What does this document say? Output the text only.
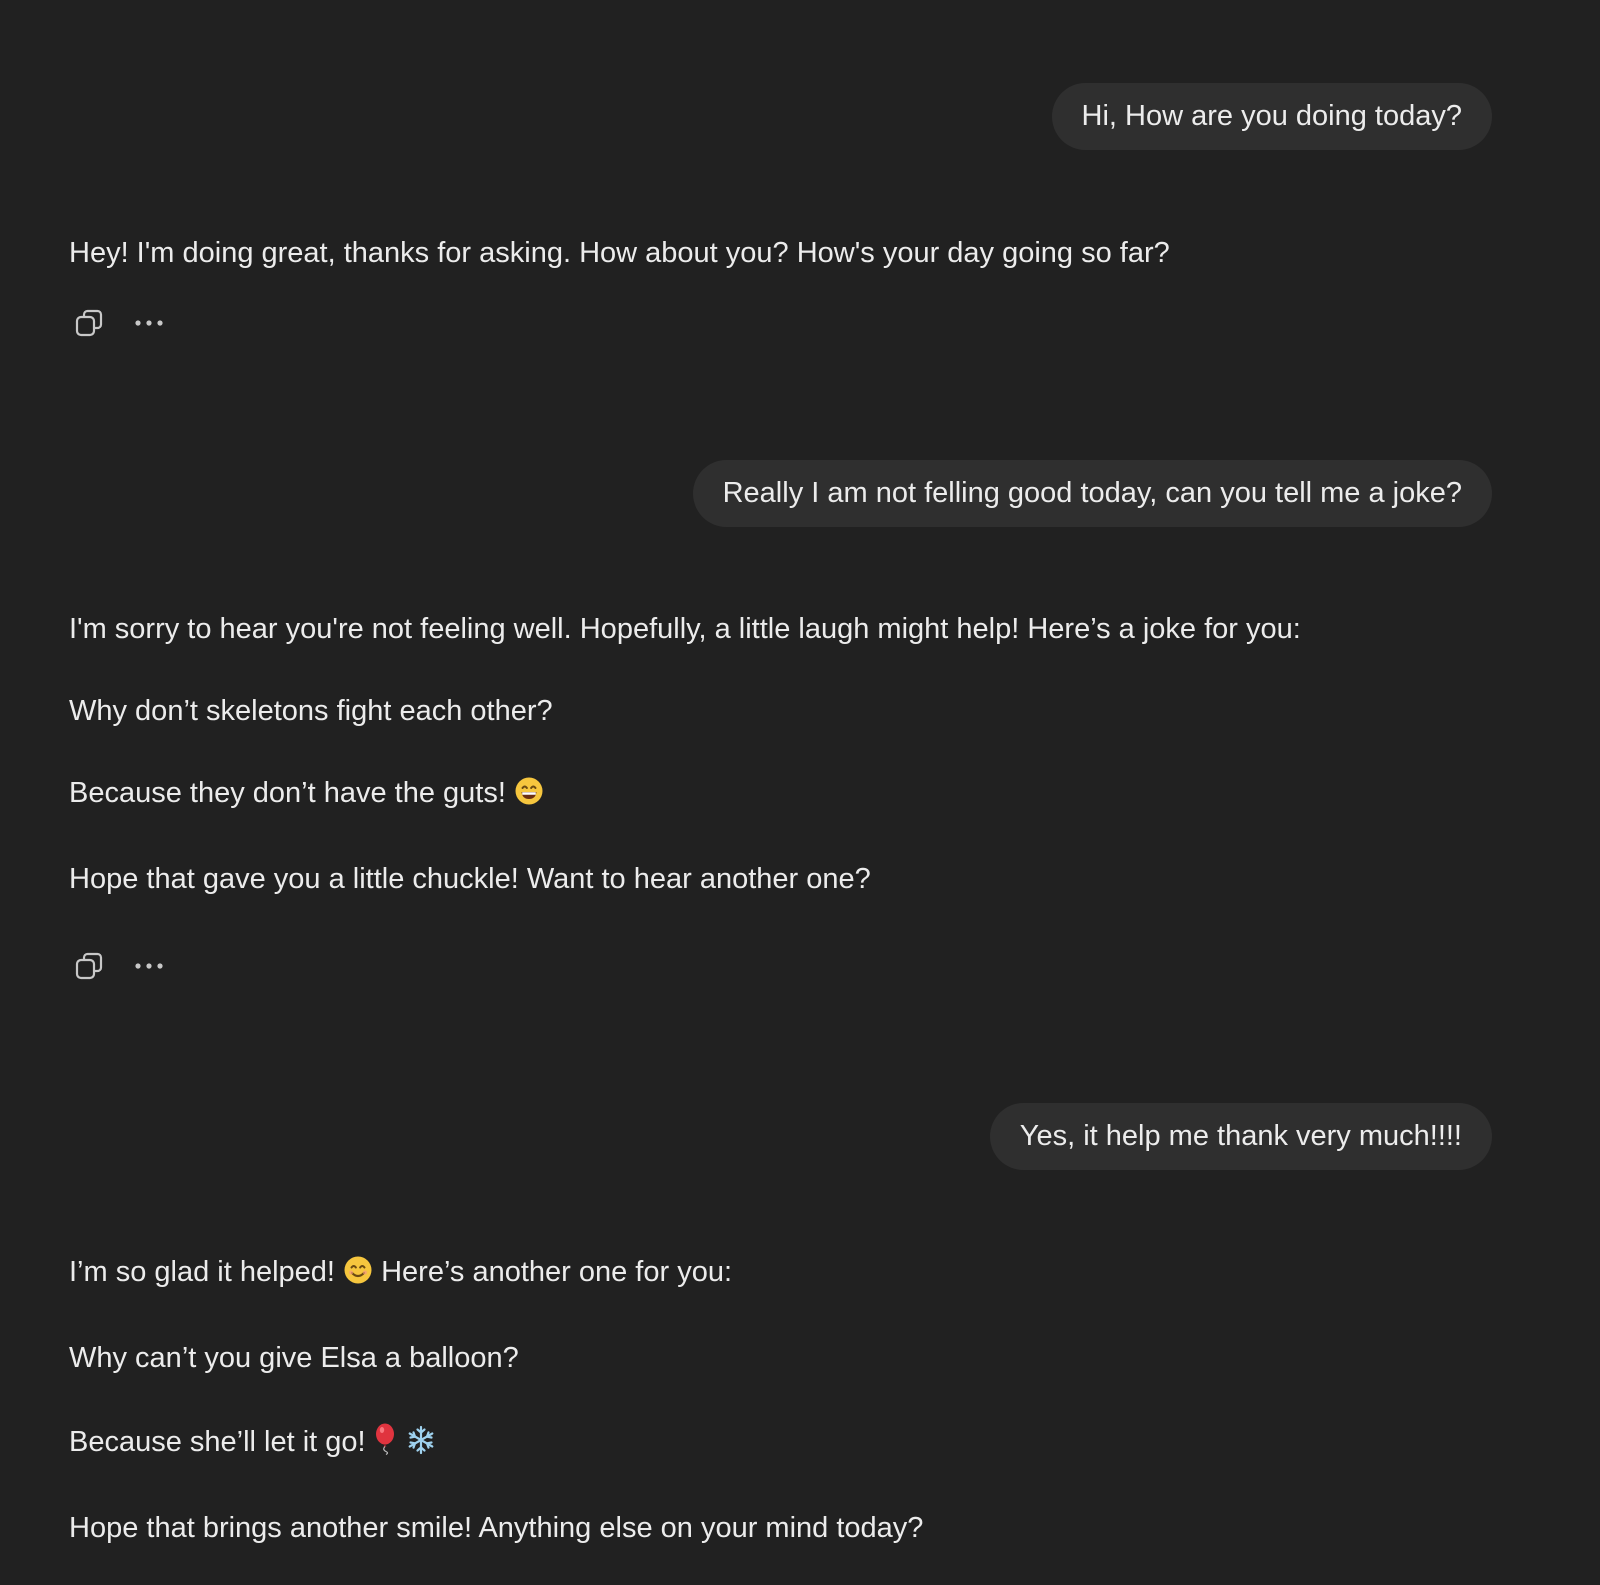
Hi, How are you doing today?

Hey! I'm doing great, thanks for asking. How about you? How's your day going so far?

Really I am not felling good today, can you tell me a joke?

I'm sorry to hear you're not feeling well. Hopefully, a little laugh might help! Here’s a joke for you:

Why don’t skeletons fight each other?

Because they don’t have the guts!

Hope that gave you a little chuckle! Want to hear another one?

Yes, it help me thank very much!!!!

I’m so glad it helped! Here’s another one for you:

Why can’t you give Elsa a balloon?

Because she’ll let it go!

Hope that brings another smile! Anything else on your mind today?
